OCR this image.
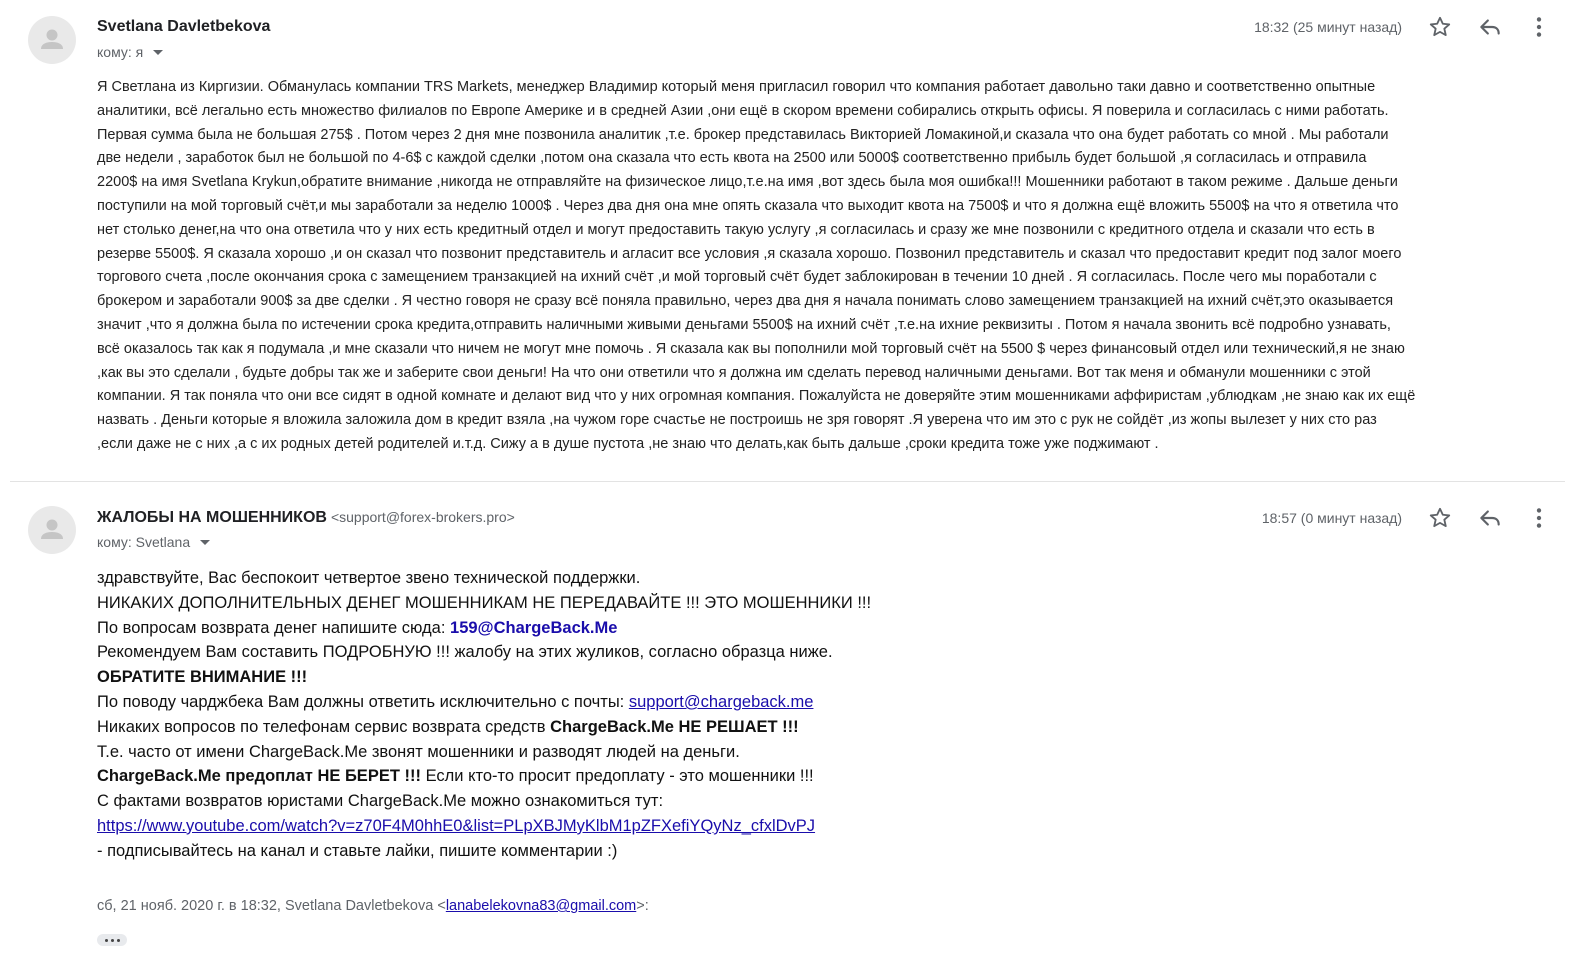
Svetlana Davletbekova
кому: я
18:32 (25 минут назад)
Я Светлана из Киргизии. Обманулась компании TRS Markets, менеджер Владимир который меня пригласил говорил что компания работает давольно таки давно и соответственно опытные
аналитики, всё легально есть множество филиалов по Европе Америке и в средней Азии ,они ещё в скором времени собирались открыть офисы. Я поверила и согласилась с ними работать.
Первая сумма была не большая 275$ . Потом через 2 дня мне позвонила аналитик ,т.е. брокер представилась Викторией Ломакиной,и сказала что она будет работать со мной . Мы работали
две недели , заработок был не большой по 4-6$ с каждой сделки ,потом она сказала что есть квота на 2500 или 5000$ соответственно прибыль будет большой ,я согласилась и отправила
2200$ на имя Svetlana Krykun,обратите внимание ,никогда не отправляйте на физическое лицо,т.е.на имя ,вот здесь была моя ошибка!!! Мошенники работают в таком режиме . Дальше деньги
поступили на мой торговый счёт,и мы заработали за неделю 1000$ . Через два дня она мне опять сказала что выходит квота на 7500$ и что я должна ещё вложить 5500$ на что я ответила что
нет столько денег,на что она ответила что у них есть кредитный отдел и могут предоставить такую услугу ,я согласилась и сразу же мне позвонили с кредитного отдела и сказали что есть в
резерве 5500$. Я сказала хорошо ,и он сказал что позвонит представитель и агласит все условия ,я сказала хорошо. Позвонил представитель и сказал что предоставит кредит под залог моего
торгового счета ,после окончания срока с замещением транзакцией на ихний счёт ,и мой торговый счёт будет заблокирован в течении 10 дней . Я согласилась. После чего мы поработали с
брокером и заработали 900$ за две сделки . Я честно говоря не сразу всё поняла правильно, через два дня я начала понимать слово замещением транзакцией на ихний счёт,это оказывается
значит ,что я должна была по истечении срока кредита,отправить наличными живыми деньгами 5500$ на ихний счёт ,т.е.на ихние реквизиты . Потом я начала звонить всё подробно узнавать,
всё оказалось так как я подумала ,и мне сказали что ничем не могут мне помочь . Я сказала как вы пополнили мой торговый счёт на 5500 $ через финансовый отдел или технический,я не знаю
,как вы это сделали , будьте добры так же и заберите свои деньги! На что они ответили что я должна им сделать перевод наличными деньгами. Вот так меня и обманули мошенники с этой
компании. Я так поняла что они все сидят в одной комнате и делают вид что у них огромная компания. Пожалуйста не доверяйте этим мошенниками аффиристам ,ублюдкам ,не знаю как их ещё
назвать . Деньги которые я вложила заложила дом в кредит взяла ,на чужом горе счастье не построишь не зря говорят .Я уверена что им это с рук не сойдёт ,из жопы вылезет у них сто раз
,если даже не с них ,а с их родных детей родителей и.т.д. Сижу а в душе пустота ,не знаю что делать,как быть дальше ,сроки кредита тоже уже поджимают .
ЖАЛОБЫ НА МОШЕННИКОВ <support@forex-brokers.pro>
кому: Svetlana
18:57 (0 минут назад)
здравствуйте, Вас беспокоит четвертое звено технической поддержки.
НИКАКИХ ДОПОЛНИТЕЛЬНЫХ ДЕНЕГ МОШЕННИКАМ НЕ ПЕРЕДАВАЙТЕ !!! ЭТО МОШЕННИКИ !!!
По вопросам возврата денег напишите сюда: 159@ChargeBack.Me
Рекомендуем Вам составить ПОДРОБНУЮ !!! жалобу на этих жуликов, согласно образца ниже.
ОБРАТИТЕ ВНИМАНИЕ !!!
По поводу чарджбека Вам должны ответить исключительно с почты: support@chargeback.me
Никаких вопросов по телефонам сервис возврата средств ChargeBack.Me НЕ РЕШАЕТ !!!
Т.е. часто от имени ChargeBack.Me звонят мошенники и разводят людей на деньги.
ChargeBack.Me предоплат НЕ БЕРЕТ !!! Если кто-то просит предоплату - это мошенники !!!
С фактами возвратов юристами ChargeBack.Me можно ознакомиться тут:
https://www.youtube.com/watch?v=z70F4M0hhE0&list=PLpXBJMyKlbM1pZFXefiYQyNz_cfxlDvPJ
- подписывайтесь на канал и ставьте лайки, пишите комментарии :)
сб, 21 нояб. 2020 г. в 18:32, Svetlana Davletbekova <lanabelekovna83@gmail.com>:
